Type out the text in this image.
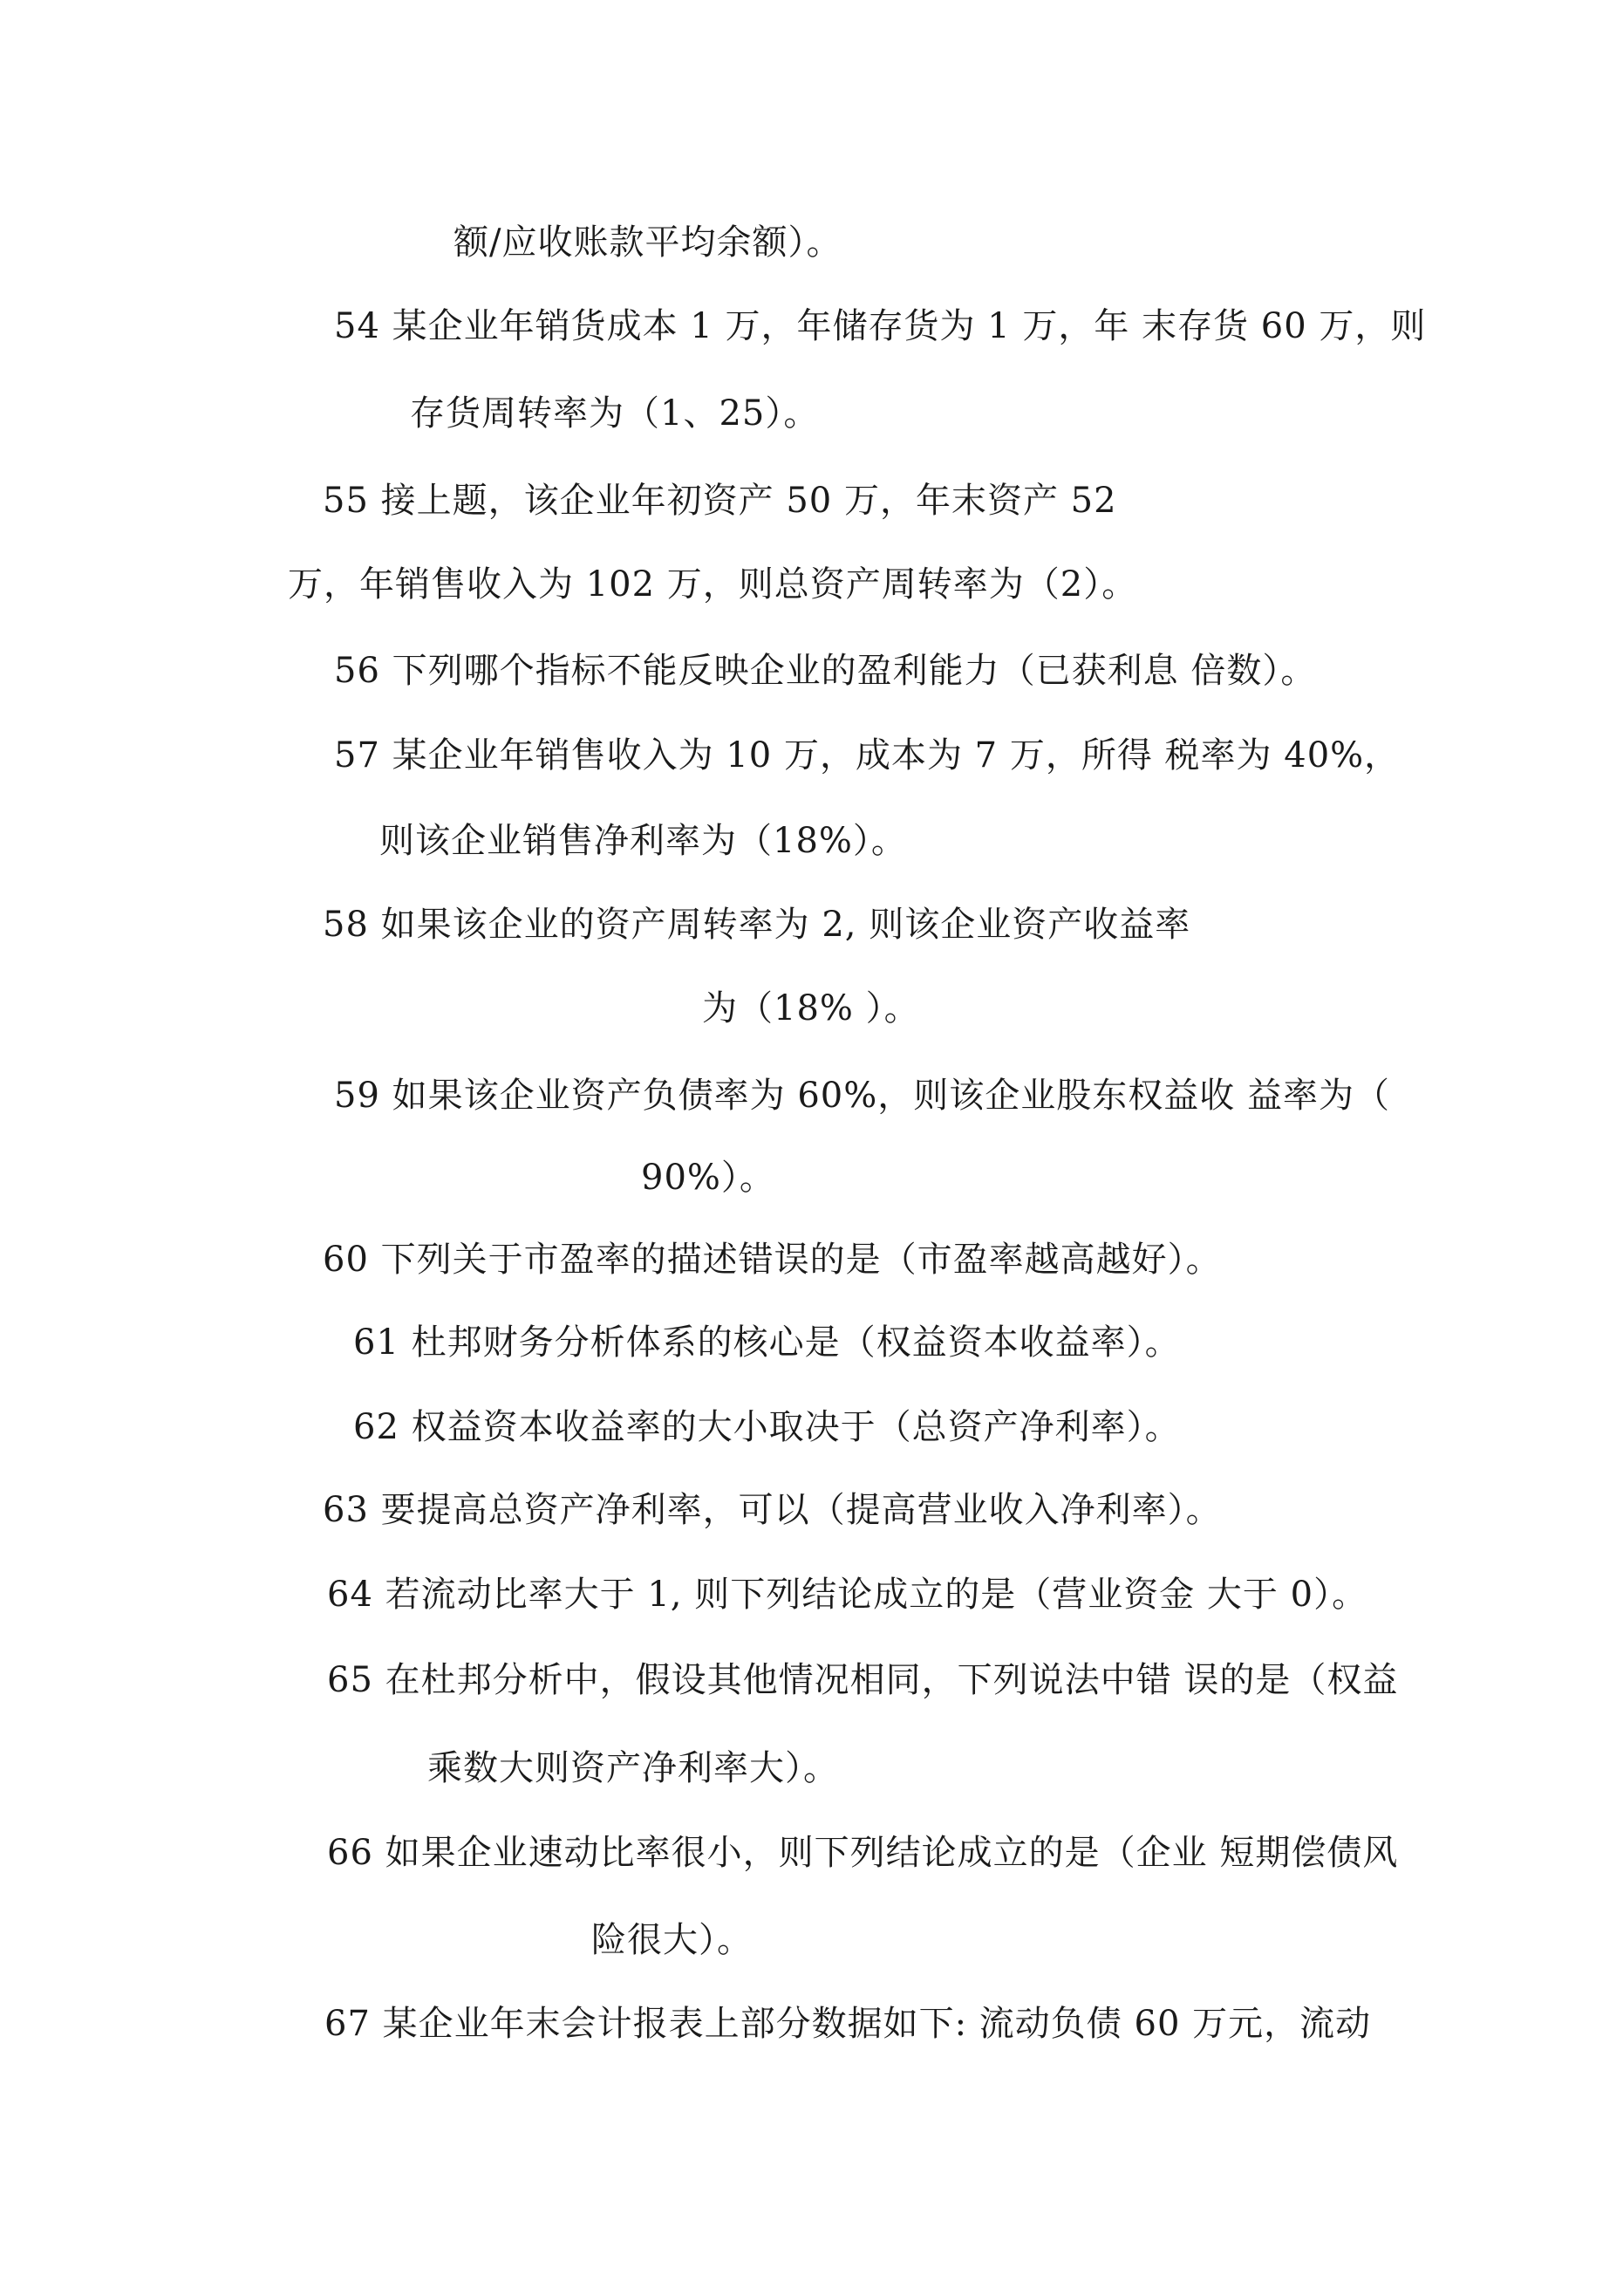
额/应收账款平均余额）。
54 某企业年销货成本 1 万，年储存货为 1 万，年 末存货 60 万，则
存货周转率为（1、25）。
55 接上题，该企业年初资产 50 万，年末资产 52
万，年销售收入为 102 万，则总资产周转率为（2）。
56 下列哪个指标不能反映企业的盈利能力（已获利息 倍数）。
57 某企业年销售收入为 10 万，成本为 7 万，所得 税率为 40%，
则该企业销售净利率为（18%）。
58 如果该企业的资产周转率为 2, 则该企业资产收益率
为（18% ）。
59 如果该企业资产负债率为 60%，则该企业股东权益收 益率为（
90%）。
60 下列关于市盈率的描述错误的是（市盈率越高越好）。
61 杜邦财务分析体系的核心是（权益资本收益率）。
62 权益资本收益率的大小取决于（总资产净利率）。
63 要提高总资产净利率，可以（提高营业收入净利率）。
64 若流动比率大于 1, 则下列结论成立的是（营业资金 大于 0）。
65 在杜邦分析中，假设其他情况相同，下列说法中错 误的是（权益
乘数大则资产净利率大）。
66 如果企业速动比率很小，则下列结论成立的是（企业 短期偿债风
险很大）。
67 某企业年末会计报表上部分数据如下: 流动负债 60 万元，流动
